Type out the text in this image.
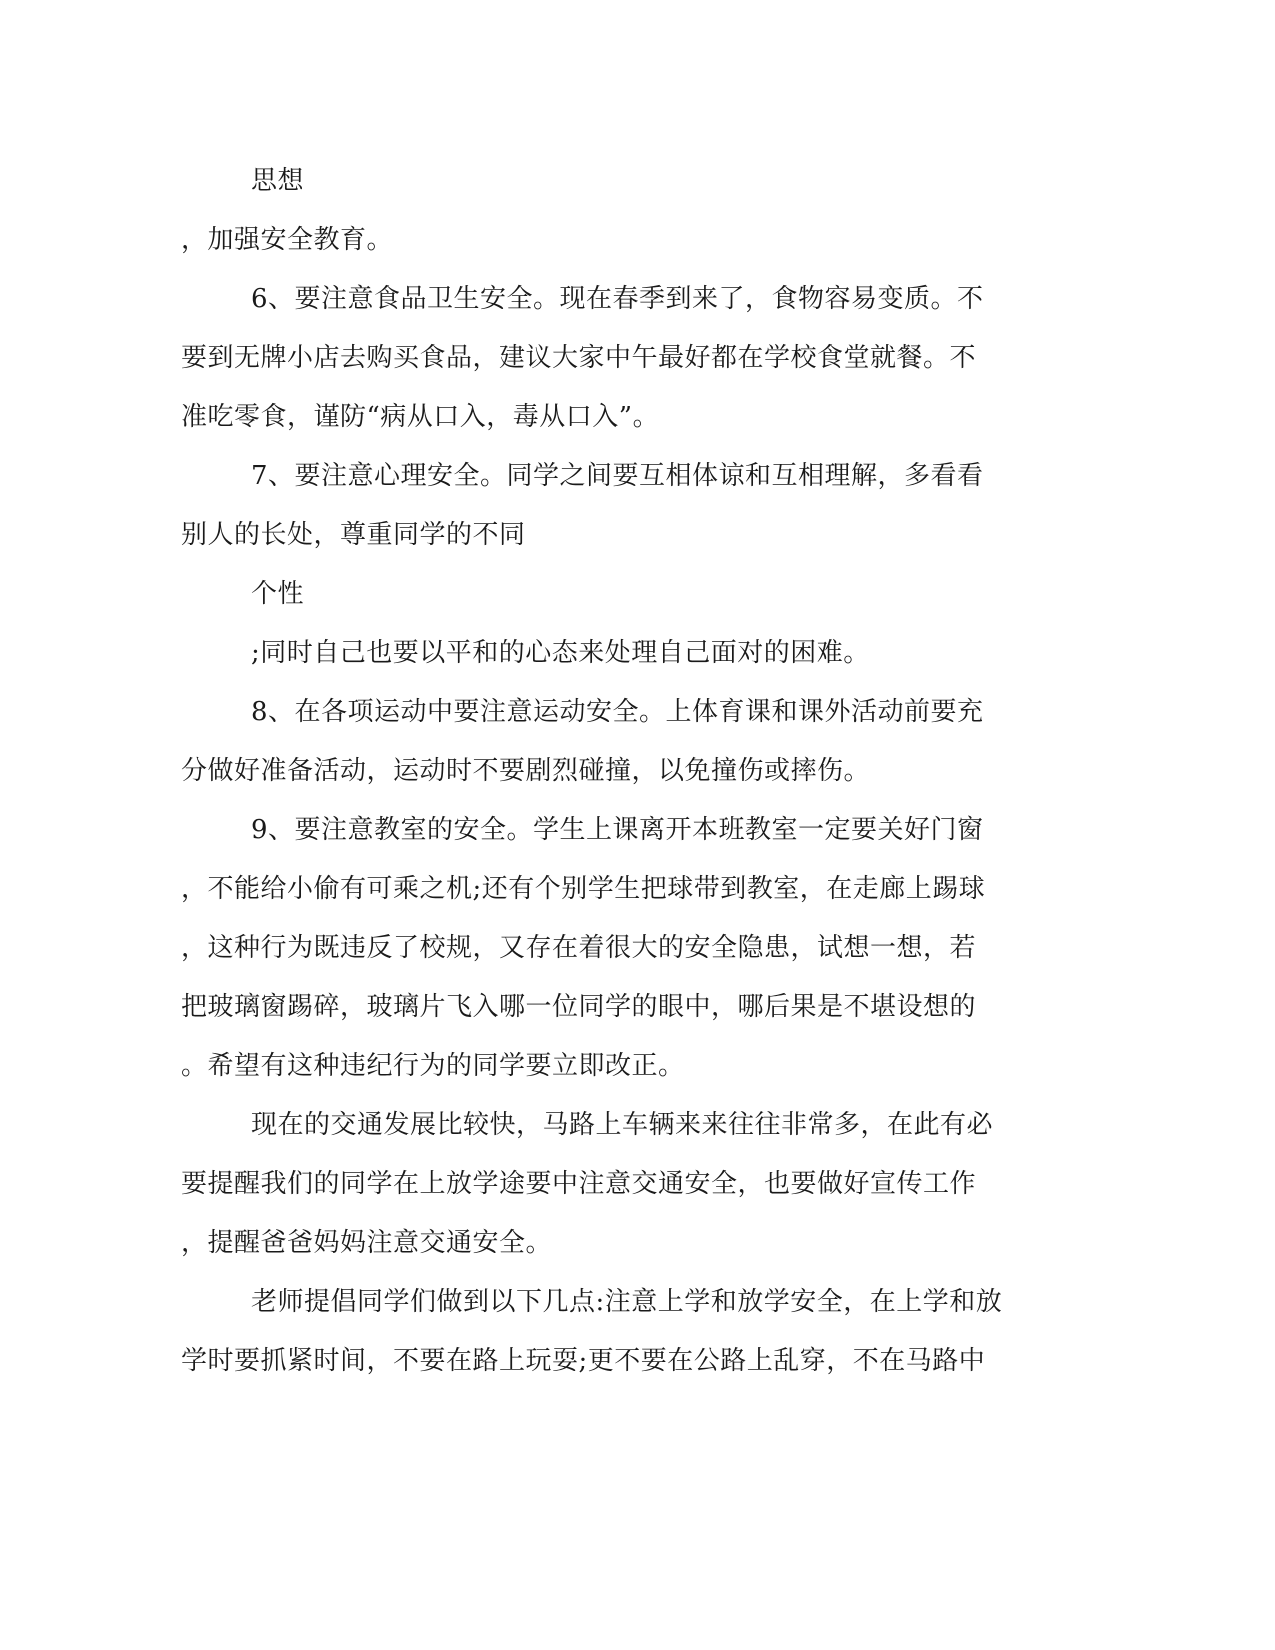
思想
，加强安全教育。
6、要注意食品卫生安全。现在春季到来了，食物容易变质。不
要到无牌小店去购买食品，建议大家中午最好都在学校食堂就餐。不
准吃零食，谨防“病从口入，毒从口入”。
7、要注意心理安全。同学之间要互相体谅和互相理解，多看看
别人的长处，尊重同学的不同
个性
;同时自己也要以平和的心态来处理自己面对的困难。
8、在各项运动中要注意运动安全。上体育课和课外活动前要充
分做好准备活动，运动时不要剧烈碰撞，以免撞伤或摔伤。
9、要注意教室的安全。学生上课离开本班教室一定要关好门窗
，不能给小偷有可乘之机;还有个别学生把球带到教室，在走廊上踢球
，这种行为既违反了校规，又存在着很大的安全隐患，试想一想，若
把玻璃窗踢碎，玻璃片飞入哪一位同学的眼中，哪后果是不堪设想的
。希望有这种违纪行为的同学要立即改正。
现在的交通发展比较快，马路上车辆来来往往非常多，在此有必
要提醒我们的同学在上放学途要中注意交通安全，也要做好宣传工作
，提醒爸爸妈妈注意交通安全。
老师提倡同学们做到以下几点:注意上学和放学安全，在上学和放
学时要抓紧时间，不要在路上玩耍;更不要在公路上乱穿，不在马路中
